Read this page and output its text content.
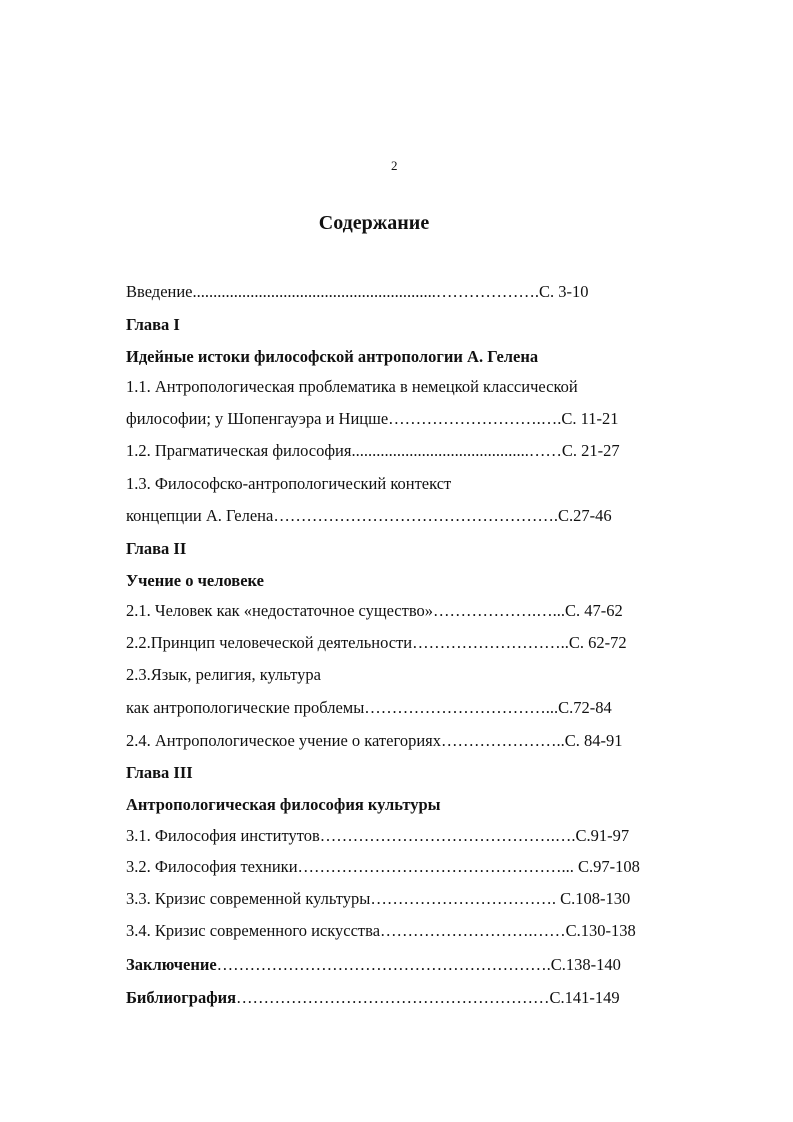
2
Содержание
Введение...........................................................……………….С. 3-10
Глава I
Идейные истоки философской антропологии А. Гелена
1.1. Антропологическая проблематика в немецкой классической
философии; у Шопенгауэра и Ницше……………………….….С. 11-21
1.2. Прагматическая философия...........................................……С. 21-27
1.3. Философско-антропологический контекст
концепции А. Гелена…………………………………………….С.27-46
Глава II
Учение о человеке
2.1. Человек как «недостаточное существо»……………….…...С. 47-62
2.2.Принцип человеческой деятельности………………………..С. 62-72
2.3.Язык, религия, культура
как антропологические проблемы……………………………...С.72-84
2.4. Антропологическое учение о категориях…………………..С. 84-91
Глава III
Антропологическая философия культуры
3.1. Философия институтов…………………………………….….С.91-97
3.2. Философия техники…………………………………………... С.97-108
3.3. Кризис современной культуры……………………………. С.108-130
3.4. Кризис современного искусства……………………….……С.130-138
Заключение…………………………………………………….С.138-140
Библиография…………………………………………………С.141-149
